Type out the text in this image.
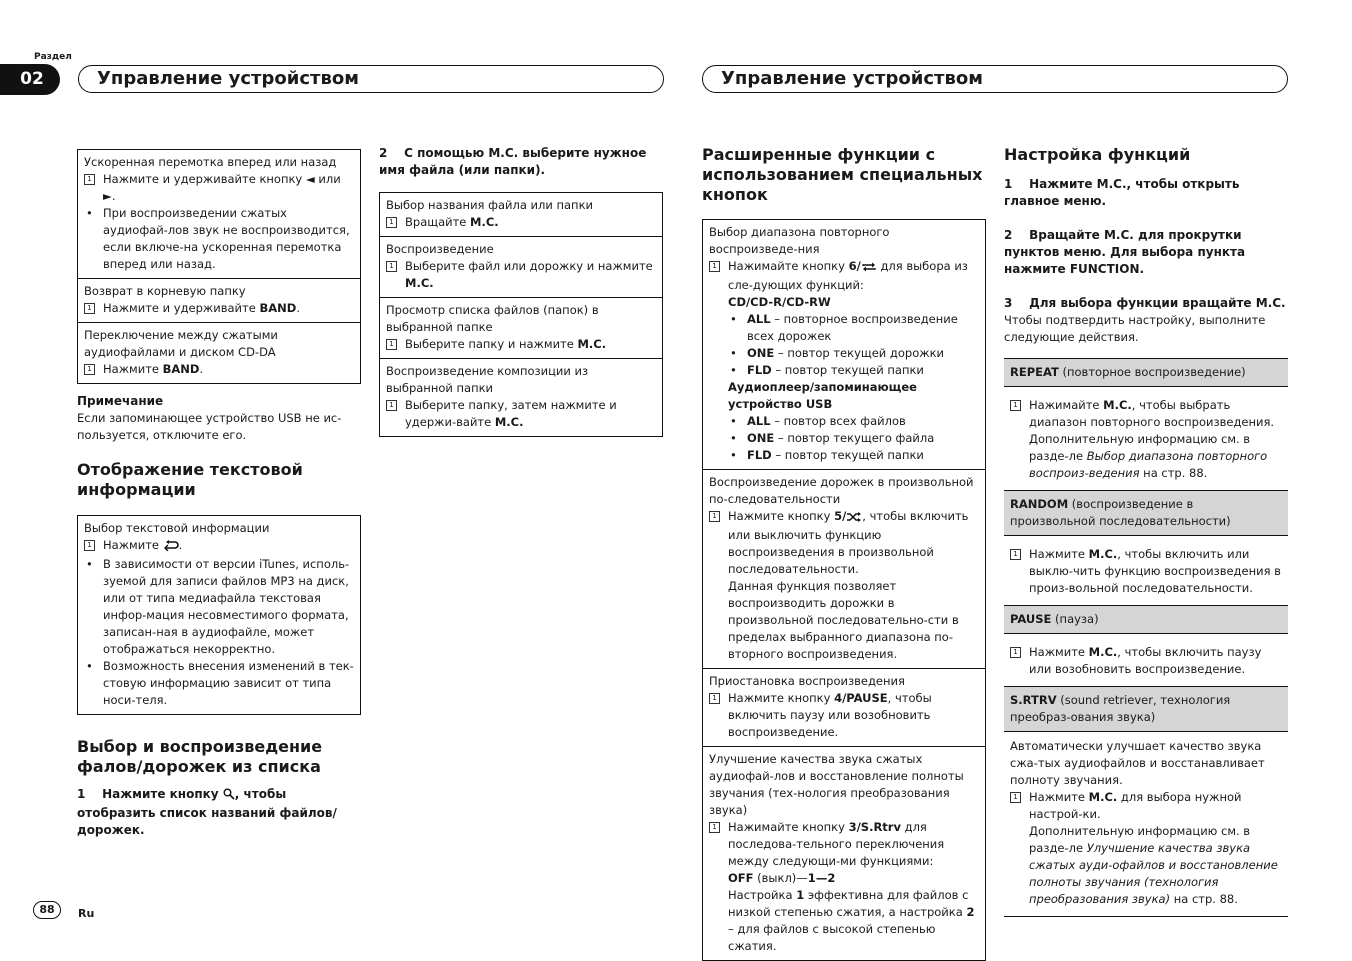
Раздел
02	Управление устройством	Управление устройством
Ускоренная перемотка вперед или назад
1 Нажмите и удерживайте кнопку ◄ или ►.
• При воспроизведении сжатых аудиофай-лов звук не воспроизводится, если включе-на ускоренная перемотка вперед или назад.
Возврат в корневую папку
1 Нажмите и удерживайте BAND.
Переключение между сжатыми аудиофайлами и диском CD-DA
1 Нажмите BAND.
Примечание
Если запоминающее устройство USB не ис-пользуется, отключите его.
Отображение текстовой информации
Выбор текстовой информации
1 Нажмите .
• В зависимости от версии iTunes, исполь-зуемой для записи файлов MP3 на диск, или от типа медиафайла текстовая инфор-мация несовместимого формата, записан-ная в аудиофайле, может отображаться некорректно.
• Возможность внесения изменений в тек-стовую информацию зависит от типа носи-теля.
Выбор и воспроизведение фалов/дорожек из списка
1 Нажмите кнопку , чтобы отобразить список названий файлов/дорожек.
2 С помощью M.C. выберите нужное имя файла (или папки).
Выбор названия файла или папки
1 Вращайте M.C.
Воспроизведение
1 Выберите файл или дорожку и нажмите M.C.
Просмотр списка файлов (папок) в выбранной папке
1 Выберите папку и нажмите M.C.
Воспроизведение композиции из выбранной папки
1 Выберите папку, затем нажмите и удержи-вайте M.C.
Расширенные функции с использованием специальных кнопок
Выбор диапазона повторного воспроизведе-ния
1 Нажимайте кнопку 6/ для выбора из сле-дующих функций:
CD/CD-R/CD-RW
• ALL – повторное воспроизведение всех дорожек
• ONE – повтор текущей дорожки
• FLD – повтор текущей папки
Аудиоплеер/запоминающее устройство USB
• ALL – повтор всех файлов
• ONE – повтор текущего файла
• FLD – повтор текущей папки
Воспроизведение дорожек в произвольной по-следовательности
1 Нажмите кнопку 5/ , чтобы включить или выключить функцию воспроизведения в произвольной последовательности.
Данная функция позволяет воспроизводить дорожки в произвольной последовательно-сти в пределах выбранного диапазона по-вторного воспроизведения.
Приостановка воспроизведения
1 Нажмите кнопку 4/PAUSE, чтобы включить паузу или возобновить воспроизведение.
Улучшение качества звука сжатых аудиофай-лов и восстановление полноты звучания (тех-нология преобразования звука)
1 Нажимайте кнопку 3/S.Rtrv для последова-тельного переключения между следующи-ми функциями:
OFF (выкл)—1—2
Настройка 1 эффективна для файлов с низкой степенью сжатия, а настройка 2 – для файлов с высокой степенью сжатия.
Настройка функций
1 Нажмите M.C., чтобы открыть главное меню.
2 Вращайте M.C. для прокрутки пунктов меню. Для выбора пункта нажмите FUNCTION.
3 Для выбора функции вращайте M.C.
Чтобы подтвердить настройку, выполните следующие действия.
REPEAT (повторное воспроизведение)
1 Нажимайте M.C., чтобы выбрать диапазон повторного воспроизведения.
Дополнительную информацию см. в разде-ле Выбор диапазона повторного воспроиз-ведения на стр. 88.
RANDOM (воспроизведение в произвольной последовательности)
1 Нажмите M.C., чтобы включить или выклю-чить функцию воспроизведения в произ-вольной последовательности.
PAUSE (пауза)
1 Нажмите M.C., чтобы включить паузу или возобновить воспроизведение.
S.RTRV (sound retriever, технология преобраз-ования звука)
Автоматически улучшает качество звука сжа-тых аудиофайлов и восстанавливает полноту звучания.
1 Нажмите M.C. для выбора нужной настрой-ки.
Дополнительную информацию см. в разде-ле Улучшение качества звука сжатых ауди-офайлов и восстановление полноты звучания (технология преобразования звука) на стр. 88.
88	Ru
